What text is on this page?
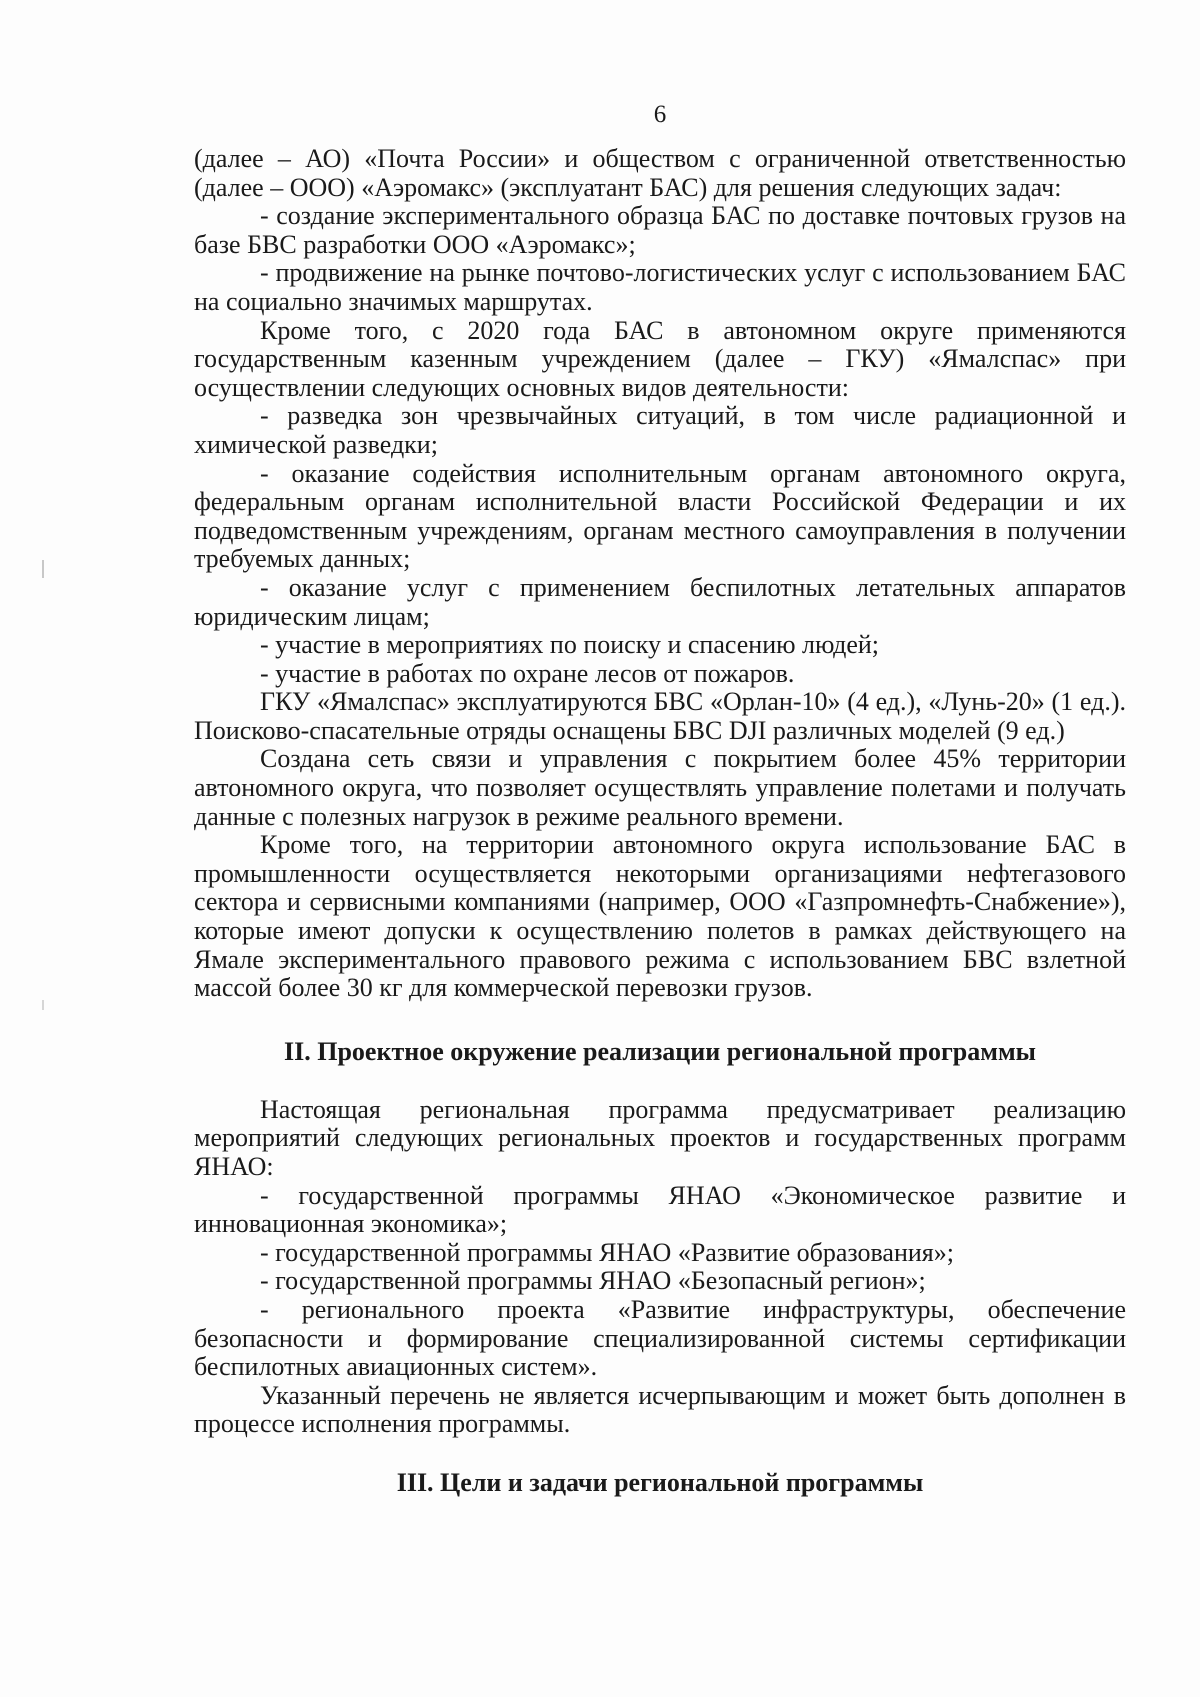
6

(далее – АО) «Почта России» и обществом с ограниченной ответственностью (далее – ООО) «Аэромакс» (эксплуатант БАС) для решения следующих задач:

- создание экспериментального образца БАС по доставке почтовых грузов на базе БВС разработки ООО «Аэромакс»;

- продвижение на рынке почтово-логистических услуг с использованием БАС на социально значимых маршрутах.

Кроме того, с 2020 года БАС в автономном округе применяются государственным казенным учреждением (далее – ГКУ) «Ямалспас» при осуществлении следующих основных видов деятельности:

- разведка зон чрезвычайных ситуаций, в том числе радиационной и химической разведки;

- оказание содействия исполнительным органам автономного округа, федеральным органам исполнительной власти Российской Федерации и их подведомственным учреждениям, органам местного самоуправления в получении требуемых данных;

- оказание услуг с применением беспилотных летательных аппаратов юридическим лицам;

- участие в мероприятиях по поиску и спасению людей;

- участие в работах по охране лесов от пожаров.

ГКУ «Ямалспас» эксплуатируются БВС «Орлан-10» (4 ед.), «Лунь-20» (1 ед.). Поисково-спасательные отряды оснащены БВС DJI различных моделей (9 ед.)

Создана сеть связи и управления с покрытием более 45% территории автономного округа, что позволяет осуществлять управление полетами и получать данные с полезных нагрузок в режиме реального времени.

Кроме того, на территории автономного округа использование БАС в промышленности осуществляется некоторыми организациями нефтегазового сектора и сервисными компаниями (например, ООО «Газпромнефть-Снабжение»), которые имеют допуски к осуществлению полетов в рамках действующего на Ямале экспериментального правового режима с использованием БВС взлетной массой более 30 кг для коммерческой перевозки грузов.

II. Проектное окружение реализации региональной программы

Настоящая региональная программа предусматривает реализацию мероприятий следующих региональных проектов и государственных программ ЯНАО:

- государственной программы ЯНАО «Экономическое развитие и инновационная экономика»;

- государственной программы ЯНАО «Развитие образования»;

- государственной программы ЯНАО «Безопасный регион»;

- регионального проекта «Развитие инфраструктуры, обеспечение безопасности и формирование специализированной системы сертификации беспилотных авиационных систем».

Указанный перечень не является исчерпывающим и может быть дополнен в процессе исполнения программы.

III. Цели и задачи региональной программы
